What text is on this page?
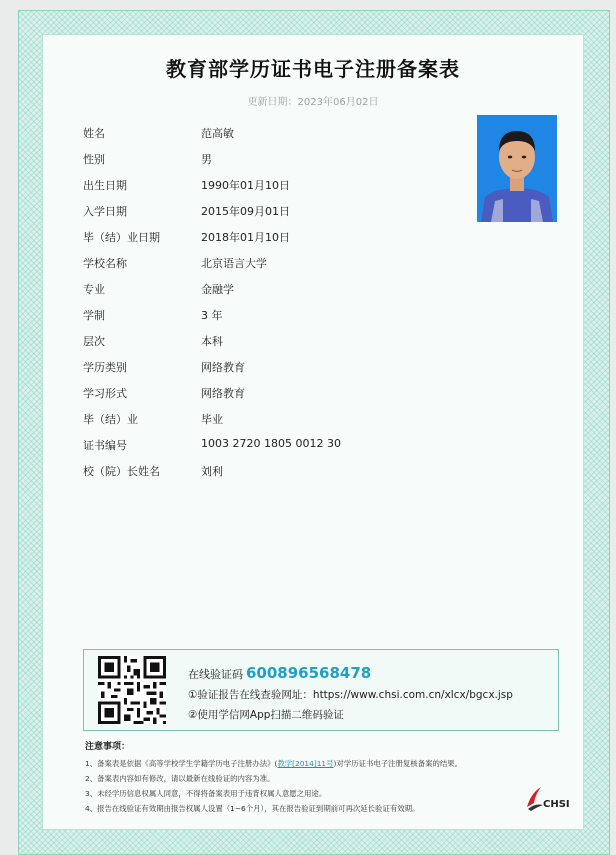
教育部学历证书电子注册备案表
更新日期：2023年06月02日
姓名	范高敏
性别	男
出生日期	1990年01月10日
入学日期	2015年09月01日
毕（结）业日期	2018年01月10日
学校名称	北京语言大学
专业	金融学
学制	3 年
层次	本科
学历类别	网络教育
学习形式	网络教育
毕（结）业	毕业
证书编号	1003 2720 1805 0012 30
校（院）长姓名	刘利
在线验证码 600896568478
①验证报告在线查验网址：https://www.chsi.com.cn/xlcx/bgcx.jsp
②使用学信网App扫描二维码验证
注意事项：
1、备案表是依据《高等学校学生学籍学历电子注册办法》(教学[2014]11号)对学历证书电子注册复核备案的结果。
2、备案表内容如有修改，请以最新在线验证的内容为准。
3、未经学历信息权属人同意，不得将备案表用于违背权属人意愿之用途。
4、报告在线验证有效期由报告权属人设置（1~6个月），其在报告验证到期前可再次延长验证有效期。	CHSI
